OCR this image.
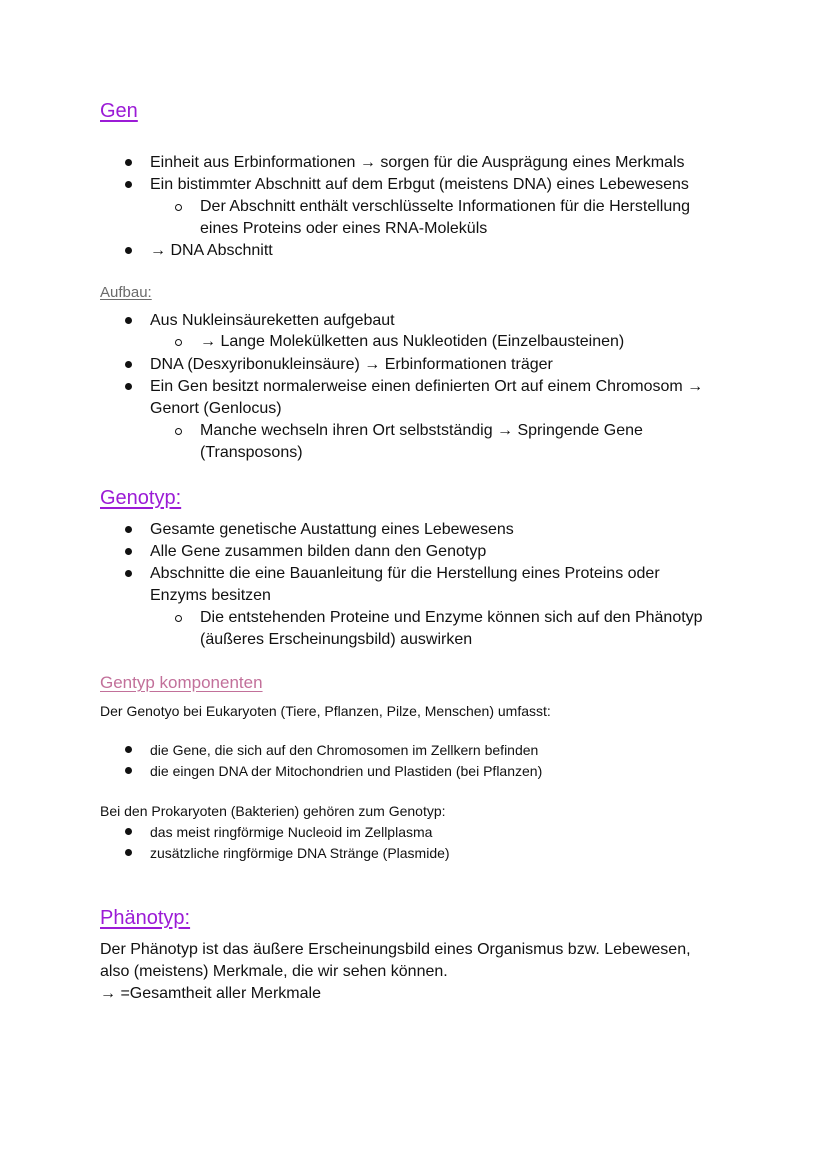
Gen
Einheit aus Erbinformationen → sorgen für die Ausprägung eines Merkmals
Ein bistimmter Abschnitt auf dem Erbgut (meistens DNA) eines Lebewesens
Der Abschnitt enthält verschlüsselte Informationen für die Herstellung
eines Proteins oder eines RNA-Moleküls
→ DNA Abschnitt
Aufbau:
Aus Nukleinsäureketten aufgebaut
→ Lange Molekülketten aus Nukleotiden (Einzelbausteinen)
DNA (Desxyribonukleinsäure) → Erbinformationen träger
Ein Gen besitzt normalerweise einen definierten Ort auf einem Chromosom →
Genort (Genlocus)
Manche wechseln ihren Ort selbstständig → Springende Gene
(Transposons)
Genotyp:
Gesamte genetische Austattung eines Lebewesens
Alle Gene zusammen bilden dann den Genotyp
Abschnitte die eine Bauanleitung für die Herstellung eines Proteins oder
Enzyms besitzen
Die entstehenden Proteine und Enzyme können sich auf den Phänotyp
(äußeres Erscheinungsbild) auswirken
Gentyp komponenten
Der Genotyo bei Eukaryoten (Tiere, Pflanzen, Pilze, Menschen) umfasst:
die Gene, die sich auf den Chromosomen im Zellkern befinden
die eingen DNA der Mitochondrien und Plastiden (bei Pflanzen)
Bei den Prokaryoten (Bakterien) gehören zum Genotyp:
das meist ringförmige Nucleoid im Zellplasma
zusätzliche ringförmige DNA Stränge (Plasmide)
Phänotyp:
Der Phänotyp ist das äußere Erscheinungsbild eines Organismus bzw. Lebewesen,
also (meistens) Merkmale, die wir sehen können.
→ =Gesamtheit aller Merkmale
